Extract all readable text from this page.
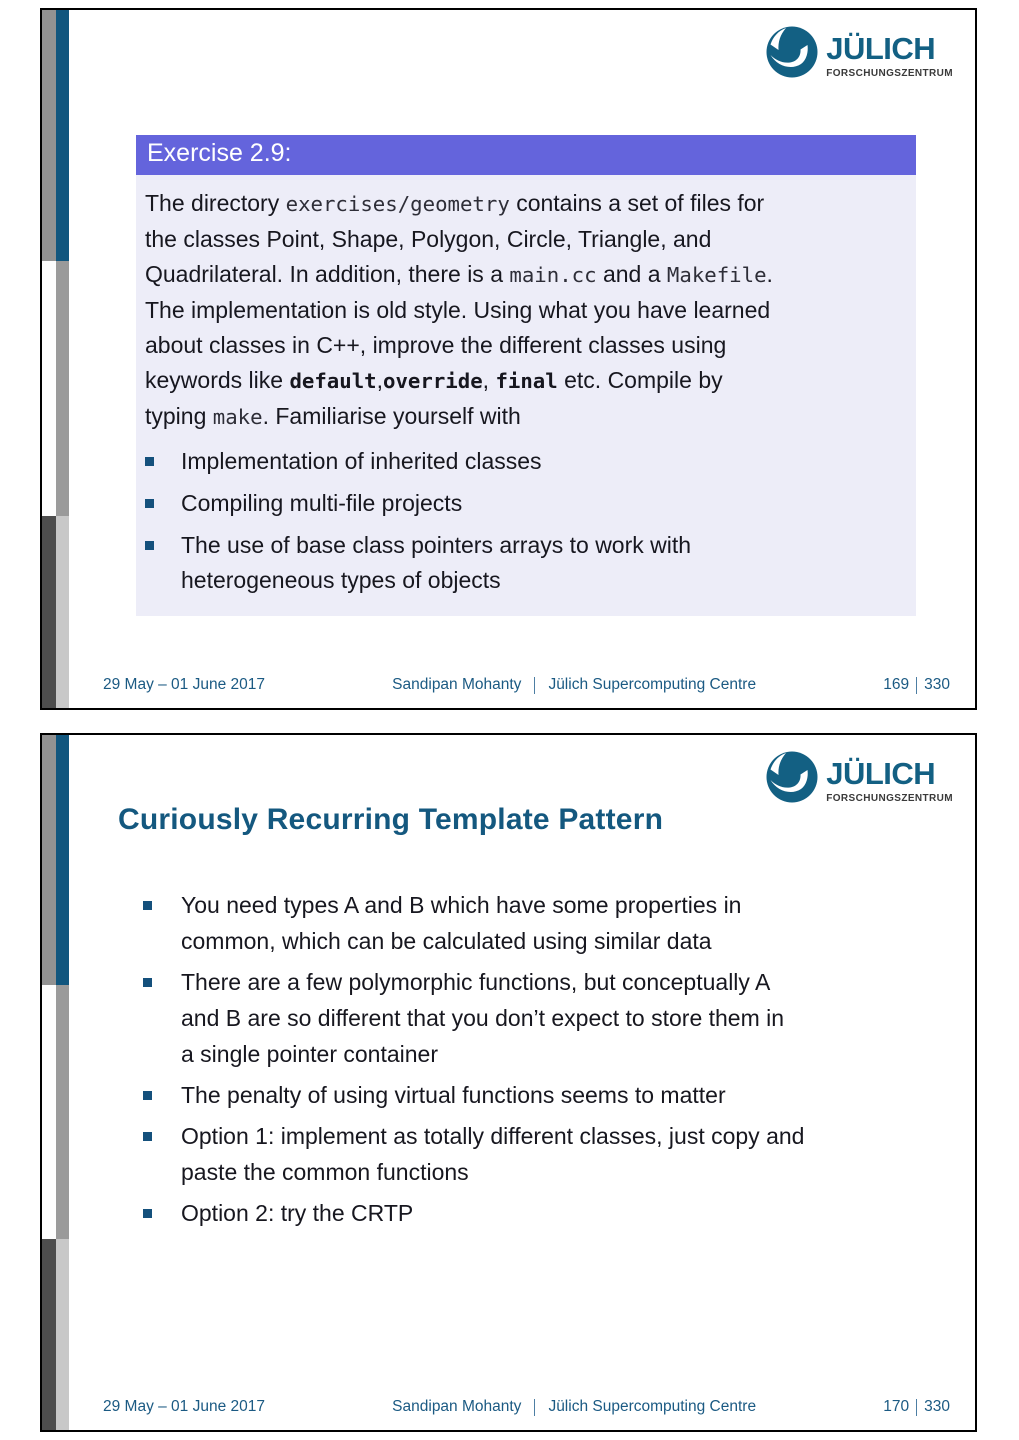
JÜLICH
FORSCHUNGSZENTRUM
Exercise 2.9:
The directory exercises/geometry contains a set of files for
the classes Point, Shape, Polygon, Circle, Triangle, and
Quadrilateral. In addition, there is a main.cc and a Makefile.
The implementation is old style. Using what you have learned
about classes in C++, improve the different classes using
keywords like default,override, final etc. Compile by
typing make. Familiarise yourself with
Implementation of inherited classes
Compiling multi-file projects
The use of base class pointers arrays to work with
heterogeneous types of objects
29 May – 01 June 2017	Sandipan Mohanty Jülich Supercomputing Centre	169 330
JÜLICH
FORSCHUNGSZENTRUM
Curiously Recurring Template Pattern
You need types A and B which have some properties in
common, which can be calculated using similar data
There are a few polymorphic functions, but conceptually A
and B are so different that you don’t expect to store them in
a single pointer container
The penalty of using virtual functions seems to matter
Option 1: implement as totally different classes, just copy and
paste the common functions
Option 2: try the CRTP
29 May – 01 June 2017	Sandipan Mohanty Jülich Supercomputing Centre	170 330
